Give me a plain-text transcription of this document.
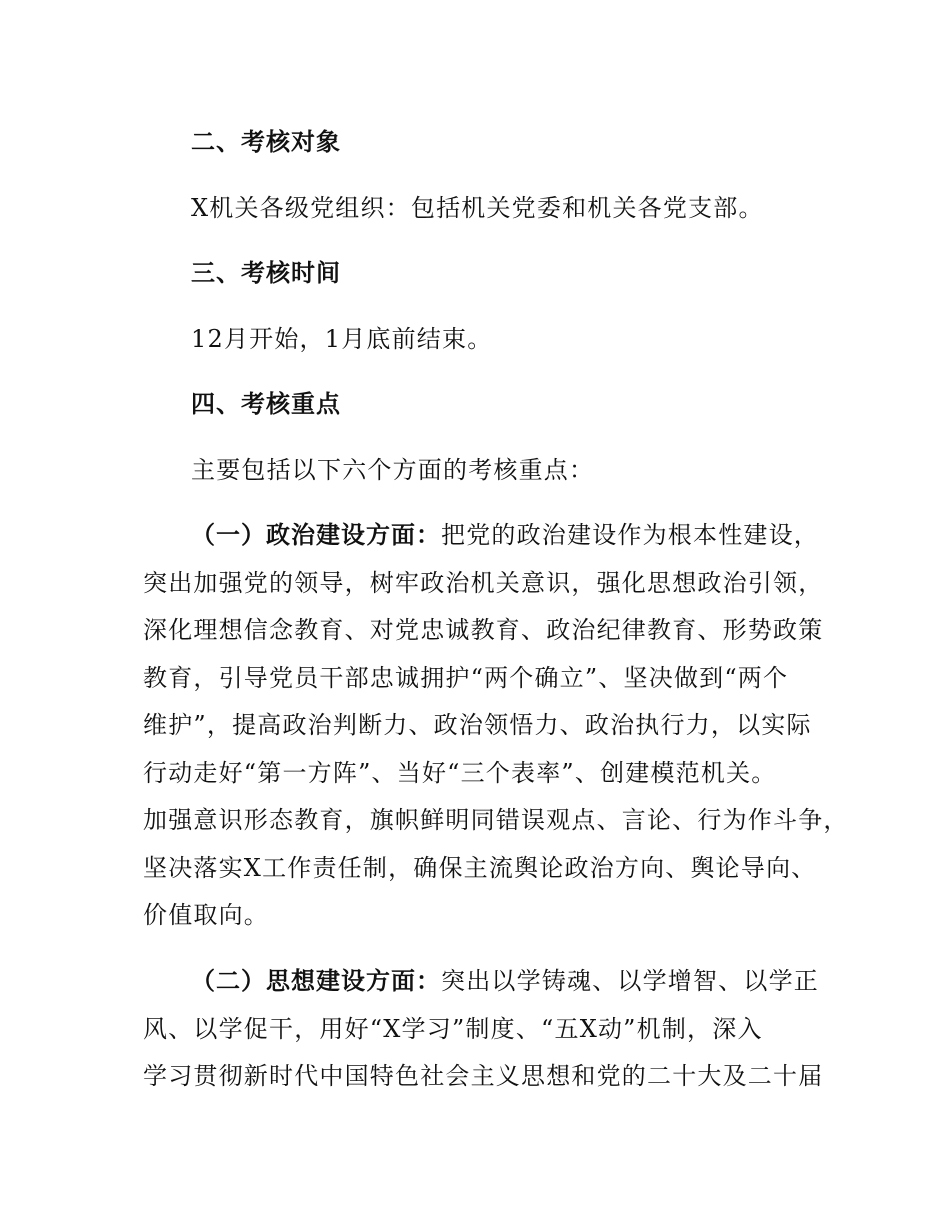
二、考核对象
X机关各级党组织：包括机关党委和机关各党支部。
三、考核时间
12月开始，1月底前结束。
四、考核重点
主要包括以下六个方面的考核重点：
（一）政治建设方面：把党的政治建设作为根本性建设，
突出加强党的领导，树牢政治机关意识，强化思想政治引领，
深化理想信念教育、对党忠诚教育、政治纪律教育、形势政策
教育，引导党员干部忠诚拥护“两个确立”、坚决做到“两个
维护”，提高政治判断力、政治领悟力、政治执行力，以实际
行动走好“第一方阵”、当好“三个表率”、创建模范机关。
加强意识形态教育，旗帜鲜明同错误观点、言论、行为作斗争，
坚决落实X工作责任制，确保主流舆论政治方向、舆论导向、
价值取向。
（二）思想建设方面：突出以学铸魂、以学增智、以学正
风、以学促干，用好“X学习”制度、“五X动”机制，深入
学习贯彻新时代中国特色社会主义思想和党的二十大及二十届
